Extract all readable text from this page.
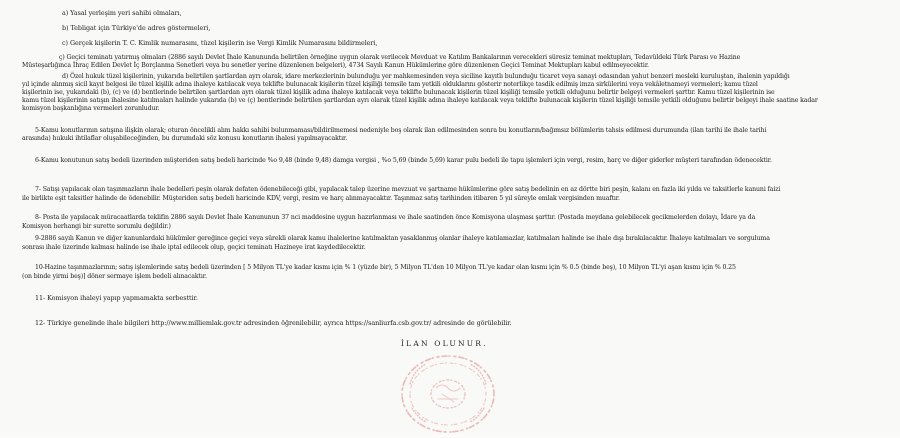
a) Yasal yerleşim yeri sahibi olmaları,
b) Tebligat için Türkiye'de adres göstermeleri,
c) Gerçek kişilerin T. C. Kimlik numarasını, tüzel kişilerin ise Vergi Kimlik Numarasını bildirmeleri,
ç) Geçici teminatı yatırmış olmaları (2886 sayılı Devlet İhale Kanununda belirtilen örneğine uygun olarak verilecek Mevduat ve Katılım Bankalarının verecekleri süresiz teminat mektupları, Tedavüldeki Türk Parası ve Hazine
Müsteşarlığınca İhraç Edilen Devlet İç Borçlanma Senetleri veya bu senetler yerine düzenlenen belgeleri), 4734 Sayılı Kanun Hükümlerine göre düzenlenen Geçici Teminat Mektupları kabul edilmeyecektir.
d) Özel hukuk tüzel kişilerinin, yukarıda belirtilen şartlardan ayrı olarak, idare merkezlerinin bulunduğu yer mahkemesinden veya siciline kayıtlı bulunduğu ticaret veya sanayi odasından yahut benzeri mesleki kuruluştan, ihalenin yapıldığı
yıl içinde alınmış sicil kayıt belgesi ile tüzel kişilik adına ihaleye katılacak veya teklifte bulunacak kişilerin tüzel kişiliği temsile tam yetkili olduklarını gösterir noterlikçe tasdik edilmiş imza sirkülerini veya vekâletnameyi vermeleri; kamu tüzel
kişilerinin ise, yukarıdaki (b), (c) ve (d) bentlerinde belirtilen şartlardan ayrı olarak tüzel kişilik adına ihaleye katılacak veya teklifte bulunacak kişilerin tüzel kişiliği temsile yetkili olduğunu belirtir belgeyi vermeleri şarttır. Kamu tüzel kişilerinin ise
kamu tüzel kişilerinin satışın ihalesine katılmaları halinde yukarıda (b) ve (ç) bentlerinde belirtilen şartlardan ayrı olarak tüzel kişilik adına ihaleye katılacak veya teklifte bulunacak kişilerin tüzel kişiliği temsile yetkili olduğunu belirtir belgeyi ihale saatine kadar
komisyon başkanlığına vermeleri zorunludur.
5-Kamu konutlarının satışına ilişkin olarak; oturan öncelikli alım hakkı sahibi bulunmaması/bildirilmemesi nedeniyle boş olarak ilan edilmesinden sonra bu konutların/bağımsız bölümlerin tahsis edilmesi durumunda (ilan tarihi ile ihale tarihi
arasında) hukuki ihtilaflar oluşabileceğinden, bu durumdaki söz konusu konutların ihalesi yapılmayacaktır.
6-Kamu konutunun satış bedeli üzerinden müşteriden satış bedeli haricinde %o 9,48 (binde 9,48) damga vergisi , %o 5,69 (binde 5,69) karar pulu bedeli ile tapu işlemleri için vergi, resim, harç ve diğer giderler müşteri tarafından ödenecektir.
7- Satışı yapılacak olan taşınmazların ihale bedelleri peşin olarak defaten ödenebileceği gibi, yapılacak talep üzerine mevzuat ve şartname hükümlerine göre satış bedelinin en az dörtte biri peşin, kalanı en fazla iki yılda ve taksitlerle kanuni faizi
ile birlikte eşit taksitler halinde de ödenebilir. Müşteriden satış bedeli haricinde KDV, vergi, resim ve harç alınmayacaktır. Taşınmaz satış tarihinden itibaren 5 yıl süreyle emlak vergisinden muaftır.
8- Posta ile yapılacak müracaatlarda teklifin 2886 sayılı Devlet İhale Kanununun 37 nci maddesine uygun hazırlanması ve ihale saatinden önce Komisyona ulaşması şarttır. (Postada meydana gelebilecek gecikmelerden dolayı, İdare ya da
Komisyon herhangi bir surette sorumlu değildir.)
9-2886 sayılı Kanun ve diğer kanunlardaki hükümler gereğince geçici veya sürekli olarak kamu ihalelerine katılmaktan yasaklanmış olanlar ihaleye katılamazlar, katılmaları halinde ise ihale dışı bırakılacaktır. İhaleye katılmaları ve sorguluma
sonrası ihale üzerinde kalması halinde ise ihale iptal edilecek olup, geçici teminatı Hazineye irat kaydedilecektir.
10-Hazine taşınmazlarının; satış işlemlerinde satış bedeli üzerinden [ 5 Milyon TL'ye kadar kısmı için % 1 (yüzde bir), 5 Milyon TL'den 10 Milyon TL'ye kadar olan kısmı için % 0.5 (binde beş), 10 Milyon TL'yi aşan kısmı için % 0.25
(on binde yirmi beş)] döner sermaye işlem bedeli alınacaktır.
11- Komisyon ihaleyi yapıp yapmamakta serbesttir.
12- Türkiye genelinde ihale bilgileri http://www.milliemlak.gov.tr adresinden öğrenilebilir, ayrıca https://sanliurfa.csb.gov.tr/ adresinde de görülebilir.
İLAN OLUNUR.
